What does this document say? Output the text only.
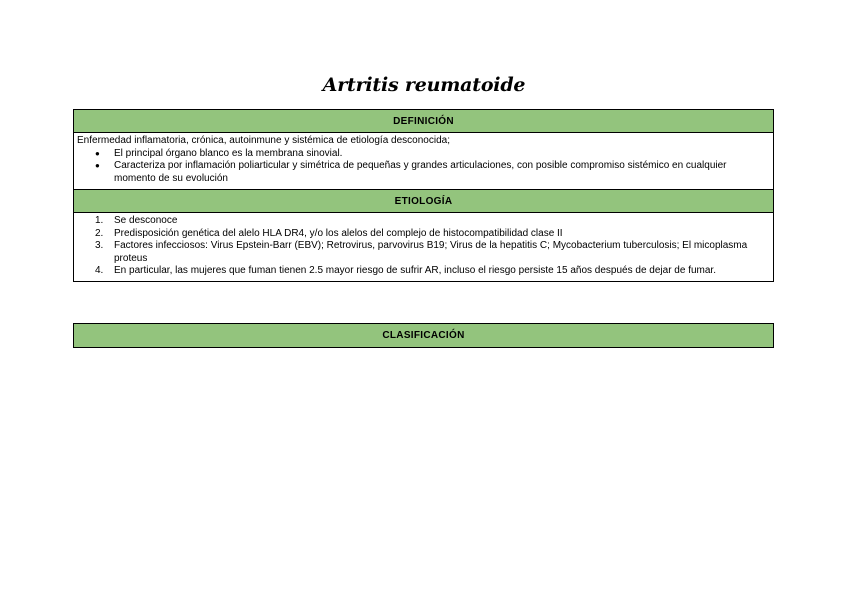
Artritis reumatoide
DEFINICIÓN

Enfermedad inflamatoria, crónica, autoinmune y sistémica de etiología desconocida;

● El principal órgano blanco es la membrana sinovial.
● Caracteriza por inflamación poliarticular y simétrica de pequeñas y grandes articulaciones, con posible compromiso sistémico en cualquier momento de su evolución
ETIOLOGÍA
1. Se desconoce
2. Predisposición genética del alelo HLA DR4, y/o los alelos del complejo de histocompatibilidad clase II
3. Factores infecciosos: Virus Epstein-Barr (EBV); Retrovirus, parvovirus B19; Virus de la hepatitis C; Mycobacterium tuberculosis; El micoplasma proteus
4. En particular, las mujeres que fuman tienen 2.5 mayor riesgo de sufrir AR, incluso el riesgo persiste 15 años después de dejar de fumar.
CLASIFICACIÓN
